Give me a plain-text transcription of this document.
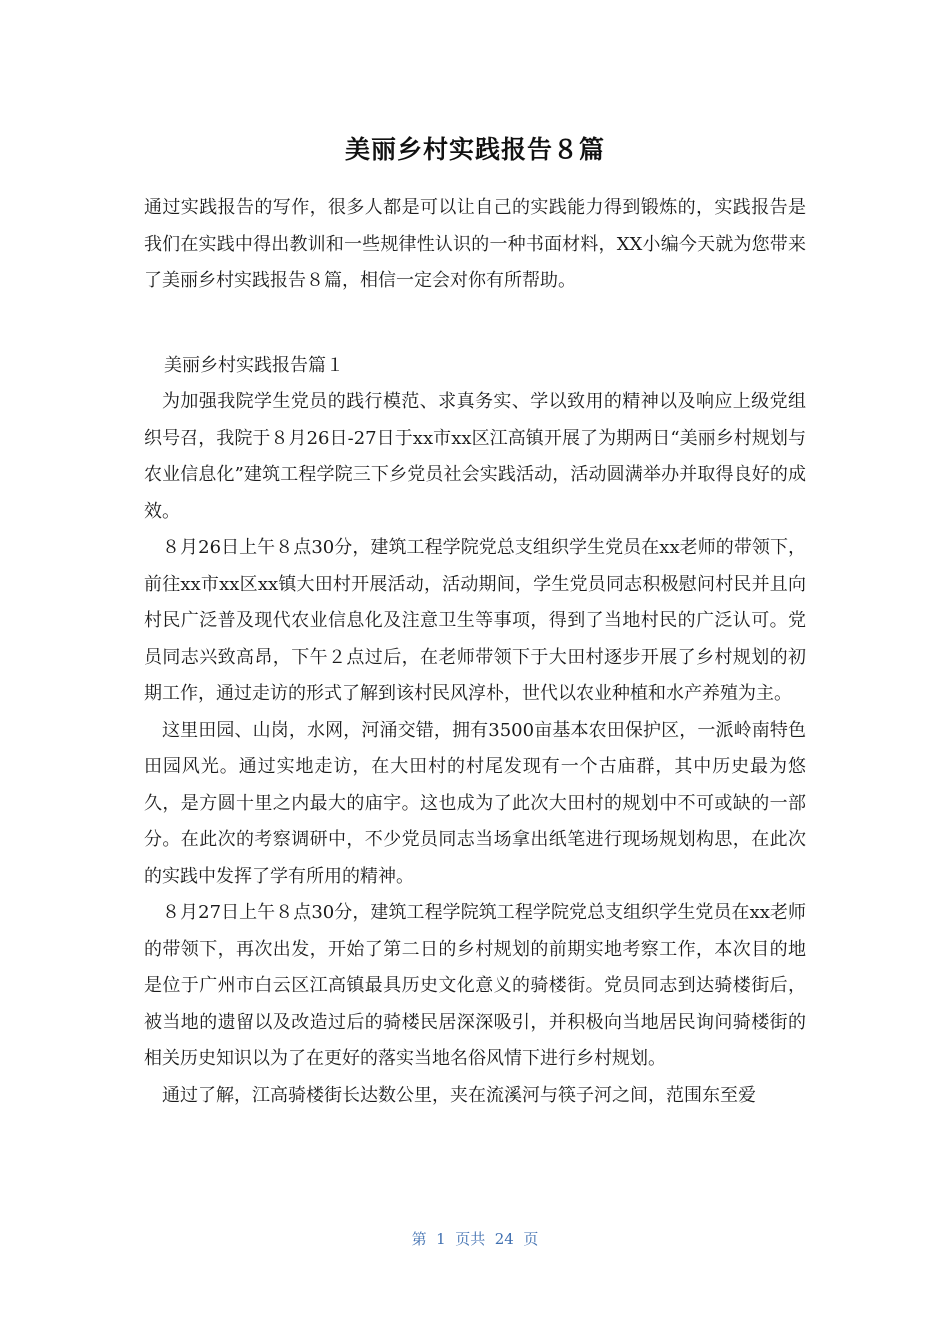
美丽乡村实践报告８篇

通过实践报告的写作，很多人都是可以让自己的实践能力得到锻炼的，实践报告是我们在实践中得出教训和一些规律性认识的一种书面材料，XX小编今天就为您带来了美丽乡村实践报告８篇，相信一定会对你有所帮助。

美丽乡村实践报告篇１

为加强我院学生党员的践行模范、求真务实、学以致用的精神以及响应上级党组织号召，我院于８月26日-27日于xx市xx区江高镇开展了为期两日“美丽乡村规划与农业信息化”建筑工程学院三下乡党员社会实践活动，活动圆满举办并取得良好的成效。

８月26日上午８点30分，建筑工程学院党总支组织学生党员在xx老师的带领下，前往xx市xx区xx镇大田村开展活动，活动期间，学生党员同志积极慰问村民并且向村民广泛普及现代农业信息化及注意卫生等事项，得到了当地村民的广泛认可。党员同志兴致高昂，下午２点过后，在老师带领下于大田村逐步开展了乡村规划的初期工作，通过走访的形式了解到该村民风淳朴，世代以农业种植和水产养殖为主。

这里田园、山岗，水网，河涌交错，拥有3500亩基本农田保护区，一派岭南特色田园风光。通过实地走访，在大田村的村尾发现有一个古庙群，其中历史最为悠久，是方圆十里之内最大的庙宇。这也成为了此次大田村的规划中不可或缺的一部分。在此次的考察调研中，不少党员同志当场拿出纸笔进行现场规划构思，在此次的实践中发挥了学有所用的精神。

８月27日上午８点30分，建筑工程学院筑工程学院党总支组织学生党员在xx老师的带领下，再次出发，开始了第二日的乡村规划的前期实地考察工作，本次目的地是位于广州市白云区江高镇最具历史文化意义的骑楼街。党员同志到达骑楼街后，被当地的遗留以及改造过后的骑楼民居深深吸引，并积极向当地居民询问骑楼街的相关历史知识以为了在更好的落实当地名俗风情下进行乡村规划。

通过了解，江高骑楼街长达数公里，夹在流溪河与筷子河之间，范围东至爱

第  1  页共  24  页
